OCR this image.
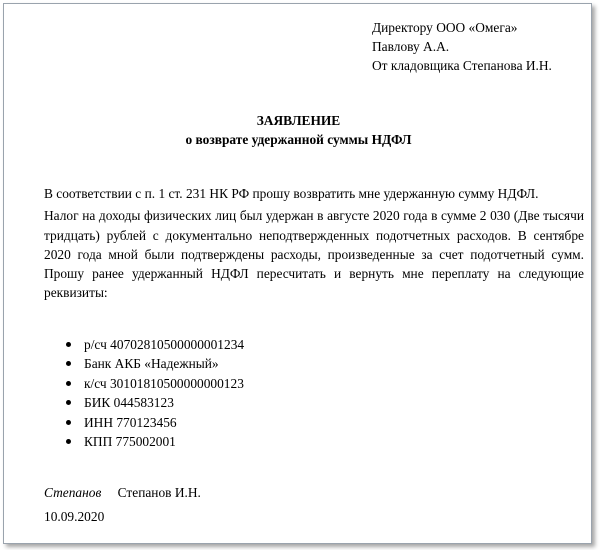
Директору ООО «Омега»
Павлову А.А.
От кладовщика Степанова И.Н.
ЗАЯВЛЕНИЕ
о возврате удержанной суммы НДФЛ

В соответствии с п. 1 ст. 231 НК РФ прошу возвратить мне удержанную сумму НДФЛ.

Налог на доходы физических лиц был удержан в августе 2020 года в сумме 2 030 (Две тысячи тридцать) рублей с документально неподтвержденных подотчетных расходов. В сентябре 2020 года мной были подтверждены расходы, произведенные за счет подотчетный сумм. Прошу ранее удержанный НДФЛ пересчитать и вернуть мне переплату на следующие реквизиты:

р/сч 40702810500000001234
Банк АКБ «Надежный»
к/сч 30101810500000000123
БИК 044583123
ИНН 770123456
КПП 775002001
Степанов Степанов И.Н.
10.09.2020
